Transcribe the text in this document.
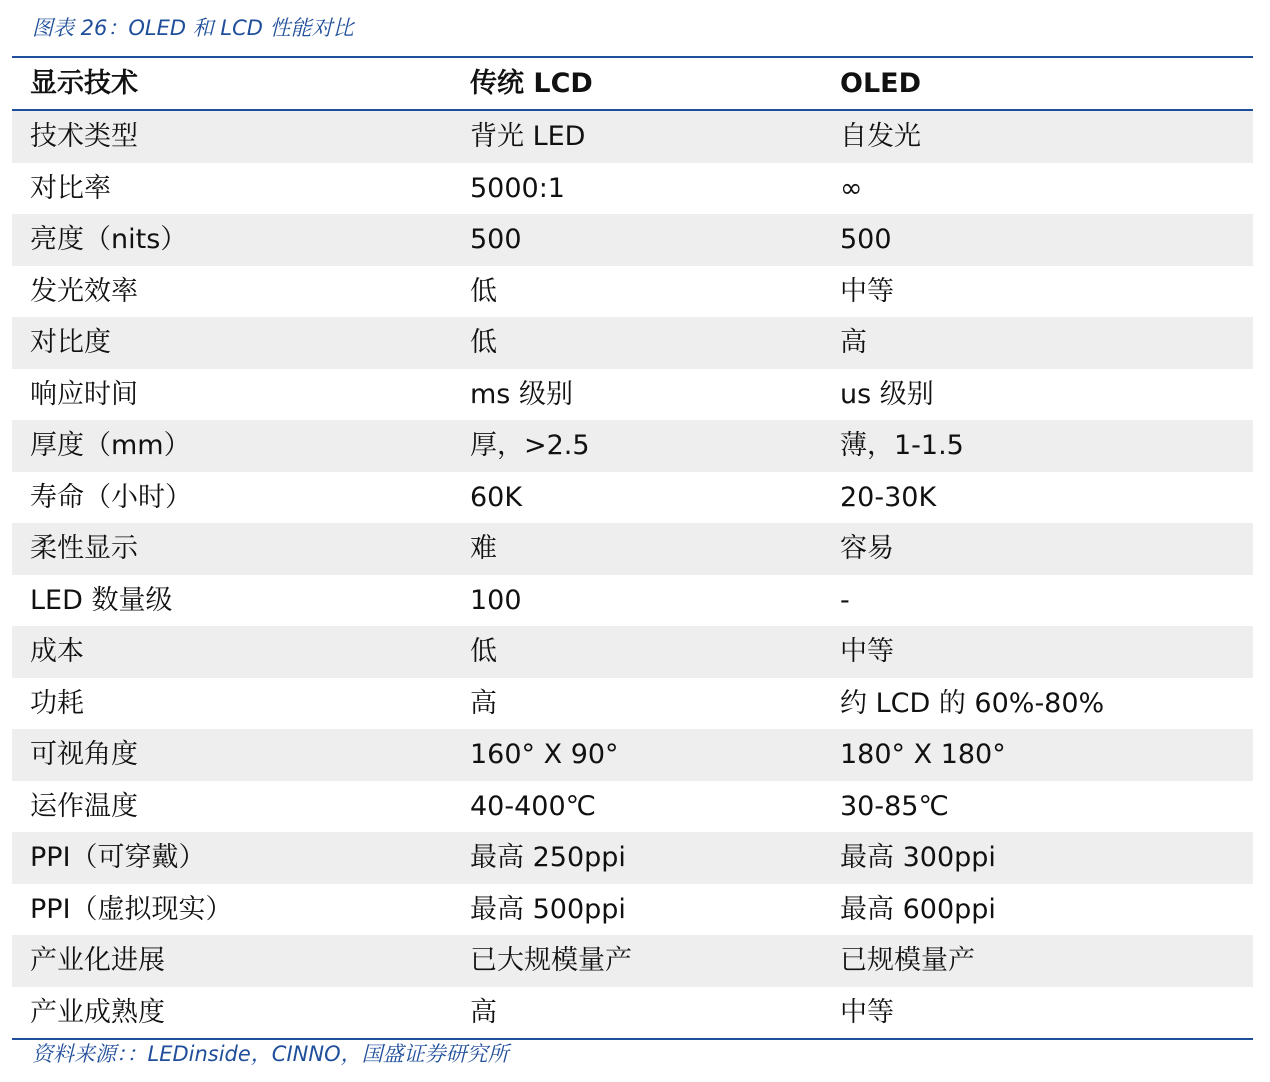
图表 26：OLED 和 LCD 性能对比
显示技术	传统 LCD	OLED
技术类型	背光 LED	自发光
对比率	5000:1	∞
亮度（nits）	500	500
发光效率	低	中等
对比度	低	高
响应时间	ms 级别	us 级别
厚度（mm）	厚，>2.5	薄，1-1.5
寿命（小时）	60K	20-30K
柔性显示	难	容易
LED 数量级	100	-
成本	低	中等
功耗	高	约 LCD 的 60%-80%
可视角度	160° X 90°	180° X 180°
运作温度	40-400℃	30-85℃
PPI（可穿戴）	最高 250ppi	最高 300ppi
PPI（虚拟现实）	最高 500ppi	最高 600ppi
产业化进展	已大规模量产	已规模量产
产业成熟度	高	中等
资料来源：：LEDinside，CINNO，国盛证券研究所
